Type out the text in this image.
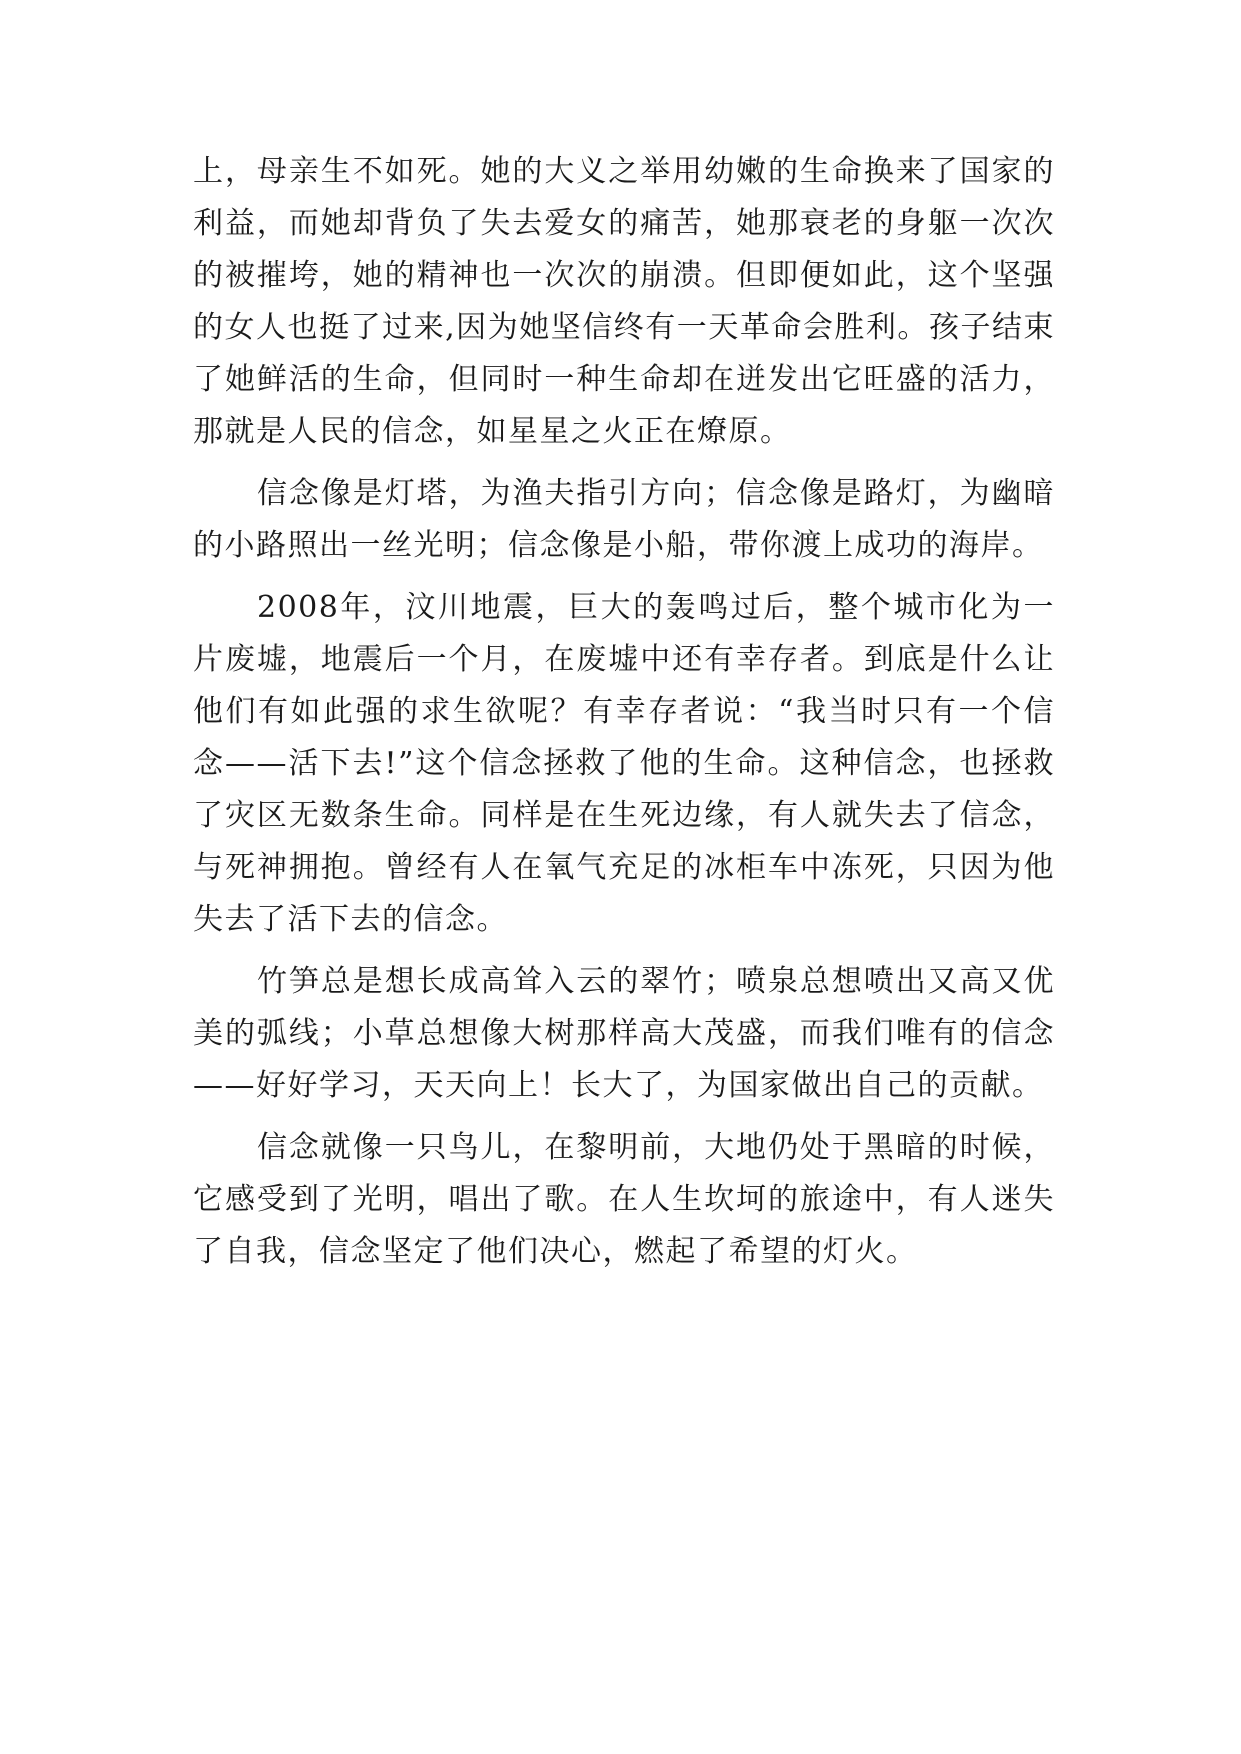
上，母亲生不如死。她的大义之举用幼嫩的生命换来了国家的利益，而她却背负了失去爱女的痛苦，她那衰老的身躯一次次的被摧垮，她的精神也一次次的崩溃。但即便如此，这个坚强的女人也挺了过来,因为她坚信终有一天革命会胜利。孩子结束了她鲜活的生命，但同时一种生命却在迸发出它旺盛的活力，那就是人民的信念，如星星之火正在燎原。

信念像是灯塔，为渔夫指引方向；信念像是路灯，为幽暗的小路照出一丝光明；信念像是小船，带你渡上成功的海岸。

2008年，汶川地震，巨大的轰鸣过后，整个城市化为一片废墟，地震后一个月，在废墟中还有幸存者。到底是什么让他们有如此强的求生欲呢？有幸存者说：“我当时只有一个信念——活下去!”这个信念拯救了他的生命。这种信念，也拯救了灾区无数条生命。同样是在生死边缘，有人就失去了信念，与死神拥抱。曾经有人在氧气充足的冰柜车中冻死，只因为他失去了活下去的信念。

竹笋总是想长成高耸入云的翠竹；喷泉总想喷出又高又优美的弧线；小草总想像大树那样高大茂盛，而我们唯有的信念——好好学习，天天向上！长大了，为国家做出自己的贡献。

信念就像一只鸟儿，在黎明前，大地仍处于黑暗的时候，它感受到了光明，唱出了歌。在人生坎坷的旅途中，有人迷失了自我，信念坚定了他们决心，燃起了希望的灯火。
